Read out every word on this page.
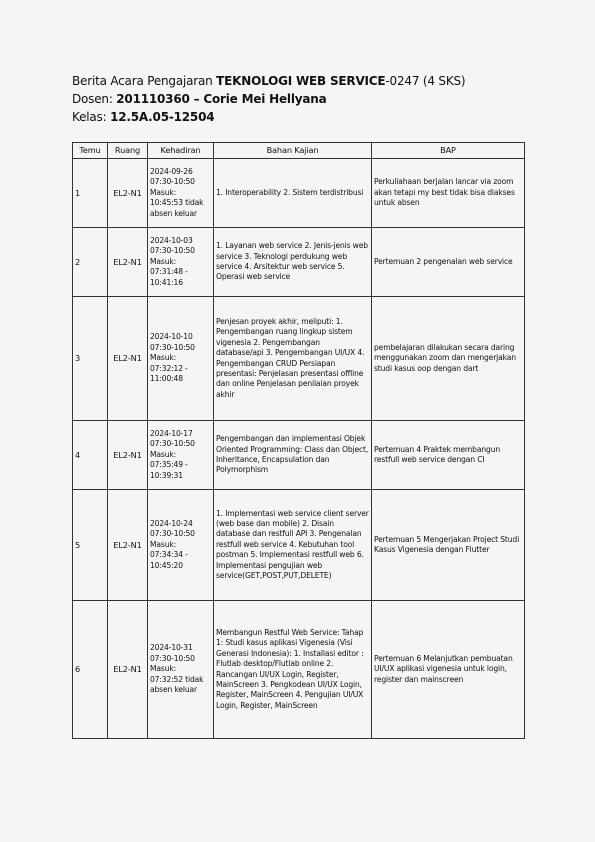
Berita Acara Pengajaran TEKNOLOGI WEB SERVICE-0247 (4 SKS)
Dosen: 201110360 – Corie Mei Hellyana
Kelas: 12.5A.05-12504
Temu	Ruang	Kehadiran	Bahan Kajian	BAP
1	EL2-N1	2024-09-26 07:30-10:50 Masuk: 10:45:53 tidak absen keluar	1. Interoperability 2. Sistem terdistribusi	Perkuliahaan berjalan lancar via zoom akan tetapi my best tidak bisa diakses untuk absen
2	EL2-N1	2024-10-03 07:30-10:50 Masuk: 07:31:48 - 10:41:16	1. Layanan web service 2. Jenis-jenis web service 3. Teknologi perdukung web service 4. Arsitektur web service 5. Operasi web service	Pertemuan 2 pengenalan web service
3	EL2-N1	2024-10-10 07:30-10:50 Masuk: 07:32:12 - 11:00:48	Penjesan proyek akhir, meliputi: 1. Pengembangan ruang lingkup sistem vigenesia 2. Pengembangan database/api 3. Pengembangan UI/UX 4. Pengembangan CRUD Persiapan presentasi: Penjelasan presentasi offline dan online Penjelasan penilaian proyek akhir	pembelajaran dilakukan secara daring menggunakan zoom dan mengerjakan studi kasus oop dengan dart
4	EL2-N1	2024-10-17 07:30-10:50 Masuk: 07:35:49 - 10:39:31	Pengembangan dan implementasi Objek Oriented Programming: Class dan Object, Inheritance, Encapsulation dan Polymorphism	Pertemuan 4 Praktek membangun restfull web service dengan CI
5	EL2-N1	2024-10-24 07:30-10:50 Masuk: 07:34:34 - 10:45:20	1. Implementasi web service client server (web base dan mobile) 2. Disain database dan restfull API 3. Pengenalan restfull web service 4. Kebutuhan tool postman 5. Implementasi restfull web 6. Implementasi pengujian web service(GET,POST,PUT,DELETE)	Pertemuan 5 Mengerjakan Project Studi Kasus Vigenesia dengan Flutter
6	EL2-N1	2024-10-31 07:30-10:50 Masuk: 07:32:52 tidak absen keluar	Membangun Restful Web Service: Tahap 1: Studi kasus aplikasi Vigenesia (Visi Generasi Indonesia): 1. Installasi editor : Flutlab desktop/Flutlab online 2. Rancangan UI/UX Login, Register, MainScreen 3. Pengkodean UI/UX Login, Register, MainScreen 4. Pengujian UI/UX Login, Register, MainScreen	Pertemuan 6 Melanjutkan pembuatan UI/UX aplikasi vigenesia untuk login, register dan mainscreen
